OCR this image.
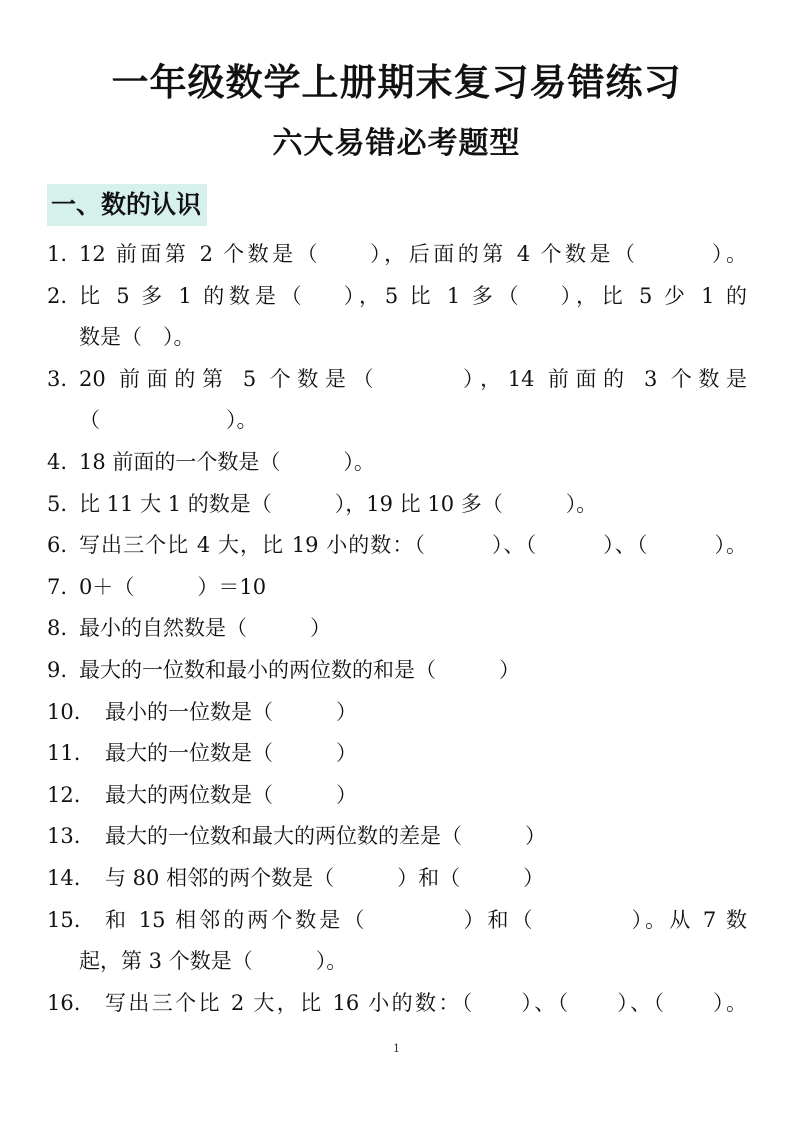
一年级数学上册期末复习易错练习
六大易错必考题型
一、数的认识
1. 12 前面第 2 个数是（　　），后面的第 4 个数是（　　　）。
2. 比 5 多 1 的数是（　 ），5 比 1 多（　 ），比 5 少 1 的
数是（　）。
3. 20 前面的第 5 个数是（　　　），14 前面的 3 个数是
（　　　　　　）。
4. 18 前面的一个数是（　　　）。
5. 比 11 大 1 的数是（　　　），19 比 10 多（　　　）。
6. 写出三个比 4 大，比 19 小的数：（　　　）、（　　　）、（　　　）。
7. 0＋（　　　）＝10
8. 最小的自然数是（　　　）
9. 最大的一位数和最小的两位数的和是（　　　）
10. 最小的一位数是（　　　）
11. 最大的一位数是（　　　）
12. 最大的两位数是（　　　）
13. 最大的一位数和最大的两位数的差是（　　　）
14. 与 80 相邻的两个数是（　　　）和（　　　）
15. 和 15 相邻的两个数是（　　　　）和（　　　　）。从 7 数
起，第 3 个数是（　　　）。
16. 写出三个比 2 大，比 16 小的数：（　　）、（　　）、（　　）。
1
